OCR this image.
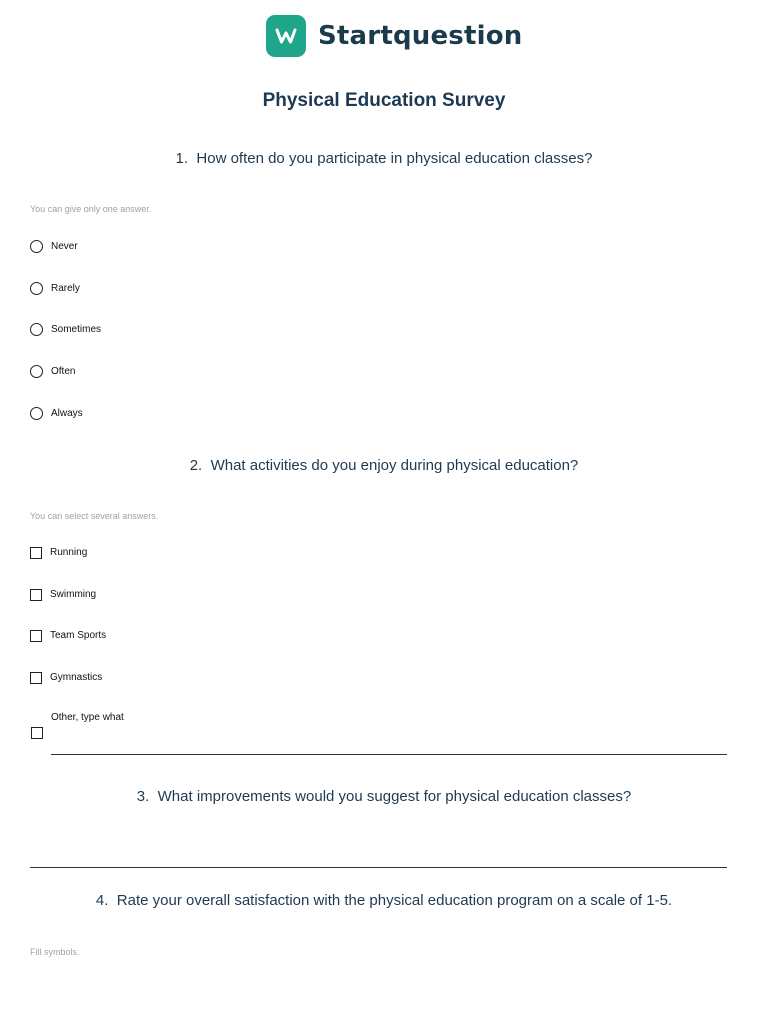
Startquestion
Physical Education Survey
1. How often do you participate in physical education classes?
You can give only one answer.
Never
Rarely
Sometimes
Often
Always
2. What activities do you enjoy during physical education?
You can select several answers.
Running
Swimming
Team Sports
Gymnastics
Other, type what
3. What improvements would you suggest for physical education classes?
4. Rate your overall satisfaction with the physical education program on a scale of 1-5.
Fill symbols.
